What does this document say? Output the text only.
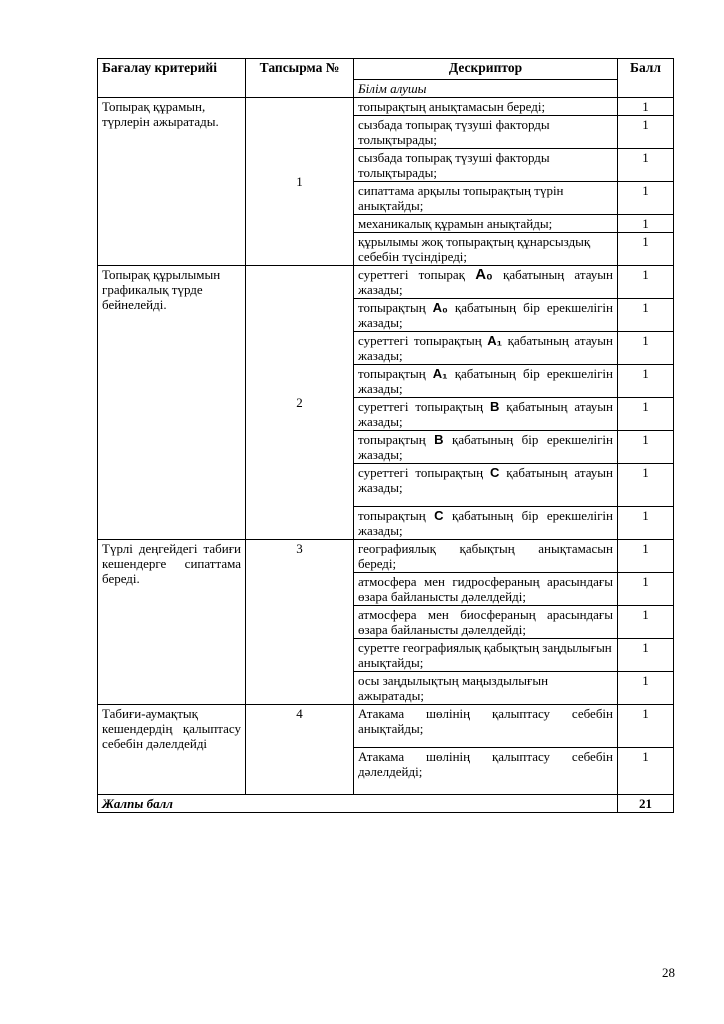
Бағалау критерийі	Тапсырма №	Дескриптор	Балл
		Білім алушы	
Топырақ құрамын, түрлерін ажыратады.	1	топырақтың анықтамасын береді;	1
		сызбада топырақ түзуші факторды толықтырады;	1
		сызбада топырақ түзуші факторды толықтырады;	1
		сипаттама арқылы топырақтың түрін анықтайды;	1
		механикалық құрамын анықтайды;	1
		құрылымы жоқ топырақтың құнарсыздық себебін түсіндіреді;	1
Топырақ құрылымын графикалық түрде бейнелейді.	2	суреттегі топырақ А₀ қабатының атауын жазады;	1
		топырақтың А₀ қабатының бір ерекшелігін жазады;	1
		суреттегі топырақтың А₁ қабатының атауын жазады;	1
		топырақтың А₁ қабатының бір ерекшелігін жазады;	1
		суреттегі топырақтың В қабатының атауын жазады;	1
		топырақтың В қабатының бір ерекшелігін жазады;	1
		суреттегі топырақтың С қабатының атауын жазады;	1
		топырақтың С қабатының бір ерекшелігін жазады;	1
Түрлі деңгейдегі табиғи кешендерге сипаттама береді.	3	географиялық қабықтың анықтамасын береді;	1
		атмосфера мен гидросфераның арасындағы өзара байланысты дәлелдейді;	1
		атмосфера мен биосфераның арасындағы өзара байланысты дәлелдейді;	1
		суретте географиялық қабықтың заңдылығын анықтайды;	1
		осы заңдылықтың маңыздылығын ажыратады;	1
Табиғи-аумақтық кешендердің қалыптасу себебін дәлелдейді	4	Атакама шөлінің қалыптасу себебін анықтайды;	1
		Атакама шөлінің қалыптасу себебін дәлелдейді;	1
Жалпы балл			21
28
